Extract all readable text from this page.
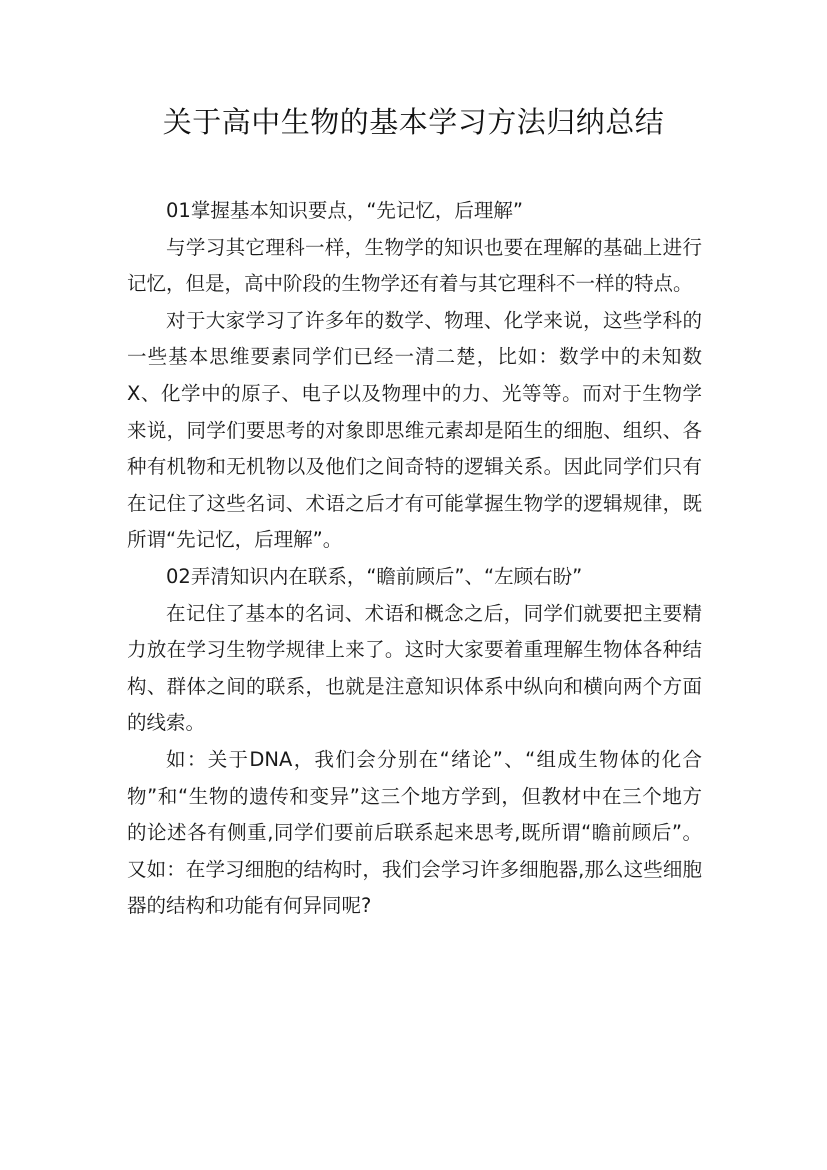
关于高中生物的基本学习方法归纳总结

01掌握基本知识要点，“先记忆，后理解”

与学习其它理科一样，生物学的知识也要在理解的基础上进行记忆，但是，高中阶段的生物学还有着与其它理科不一样的特点。

对于大家学习了许多年的数学、物理、化学来说，这些学科的一些基本思维要素同学们已经一清二楚，比如：数学中的未知数X、化学中的原子、电子以及物理中的力、光等等。而对于生物学来说，同学们要思考的对象即思维元素却是陌生的细胞、组织、各种有机物和无机物以及他们之间奇特的逻辑关系。因此同学们只有在记住了这些名词、术语之后才有可能掌握生物学的逻辑规律，既所谓“先记忆，后理解”。

02弄清知识内在联系，“瞻前顾后”、“左顾右盼”

在记住了基本的名词、术语和概念之后，同学们就要把主要精力放在学习生物学规律上来了。这时大家要着重理解生物体各种结构、群体之间的联系，也就是注意知识体系中纵向和横向两个方面的线索。

如：关于DNA，我们会分别在“绪论”、“组成生物体的化合物”和“生物的遗传和变异”这三个地方学到，但教材中在三个地方的论述各有侧重,同学们要前后联系起来思考,既所谓“瞻前顾后”。又如：在学习细胞的结构时，我们会学习许多细胞器,那么这些细胞器的结构和功能有何异同呢?
